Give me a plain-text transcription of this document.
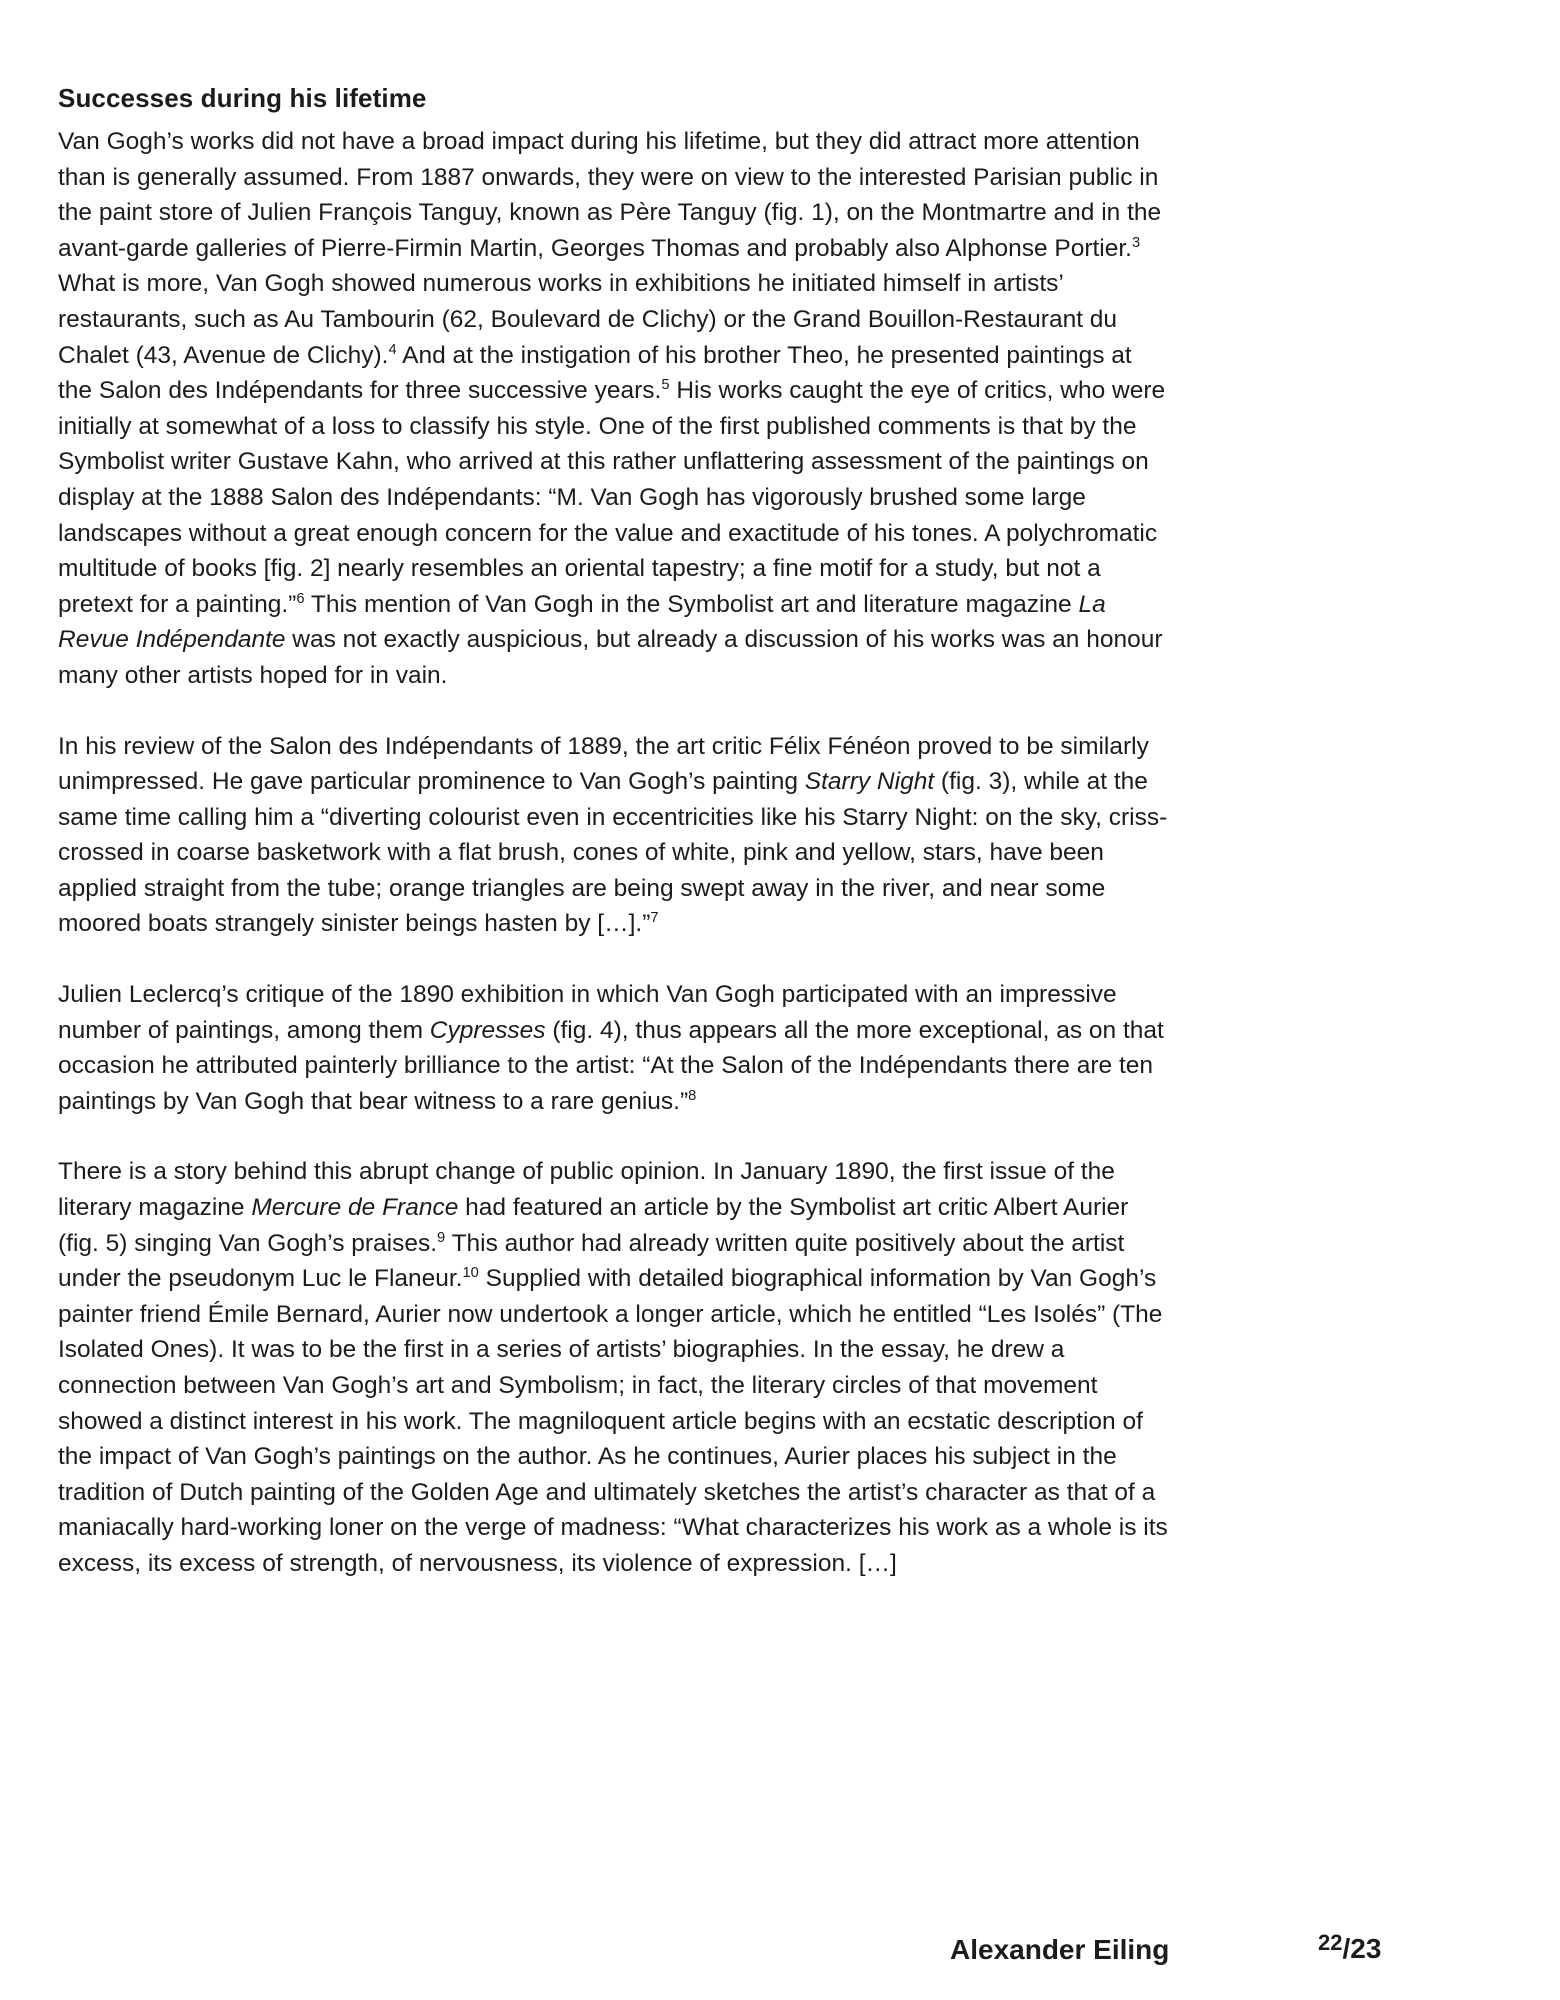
Successes during his lifetime

Van Gogh’s works did not have a broad impact during his lifetime, but they did attract more attention than is generally assumed. From 1887 onwards, they were on view to the interested Parisian public in the paint store of Julien François Tanguy, known as Père Tanguy (fig. 1), on the Montmartre and in the avant-garde galleries of Pierre-Firmin Martin, Georges Thomas and probably also Alphonse Portier.$^3$ What is more, Van Gogh showed numerous works in exhibitions he initiated himself in artists’ restaurants, such as Au Tambourin (62, Boulevard de Clichy) or the Grand Bouillon-Restaurant du Chalet (43, Avenue de Clichy).$^4$ And at the instigation of his brother Theo, he presented paintings at the Salon des Indépendants for three successive years.$^5$ His works caught the eye of critics, who were initially at somewhat of a loss to classify his style. One of the first published comments is that by the Symbolist writer Gustave Kahn, who arrived at this rather unflattering assessment of the paintings on display at the 1888 Salon des Indépendants: “M. Van Gogh has vigorously brushed some large landscapes without a great enough concern for the value and exactitude of his tones. A polychromatic multitude of books [fig. 2] nearly resembles an oriental tapestry; a fine motif for a study, but not a pretext for a painting.”$^6$ This mention of Van Gogh in the Symbolist art and literature magazine La Revue Indépendante was not exactly auspicious, but already a discussion of his works was an honour many other artists hoped for in vain.

In his review of the Salon des Indépendants of 1889, the art critic Félix Fénéon proved to be similarly unimpressed. He gave particular prominence to Van Gogh’s painting Starry Night (fig. 3), while at the same time calling him a “diverting colourist even in eccentricities like his Starry Night: on the sky, criss-crossed in coarse basketwork with a flat brush, cones of white, pink and yellow, stars, have been applied straight from the tube; orange triangles are being swept away in the river, and near some moored boats strangely sinister beings hasten by […].”$^7$

Julien Leclercq’s critique of the 1890 exhibition in which Van Gogh participated with an impressive number of paintings, among them Cypresses (fig. 4), thus appears all the more exceptional, as on that occasion he attributed painterly brilliance to the artist: “At the Salon of the Indépendants there are ten paintings by Van Gogh that bear witness to a rare genius.”$^8$

There is a story behind this abrupt change of public opinion. In January 1890, the first issue of the literary magazine Mercure de France had featured an article by the Symbolist art critic Albert Aurier (fig. 5) singing Van Gogh’s praises.$^9$ This author had already written quite positively about the artist under the pseudonym Luc le Flaneur.$^{10}$ Supplied with detailed biographical information by Van Gogh’s painter friend Émile Bernard, Aurier now undertook a longer article, which he entitled “Les Isolés” (The Isolated Ones). It was to be the first in a series of artists’ biographies. In the essay, he drew a connection between Van Gogh’s art and Symbolism; in fact, the literary circles of that movement showed a distinct interest in his work. The magniloquent article begins with an ecstatic description of the impact of Van Gogh’s paintings on the author. As he continues, Aurier places his subject in the tradition of Dutch painting of the Golden Age and ultimately sketches the artist’s character as that of a maniacally hard-working loner on the verge of madness: “What characterizes his work as a whole is its excess, its excess of strength, of nervousness, its violence of expression. […]

Alexander Eiling	$^{22}$/23
